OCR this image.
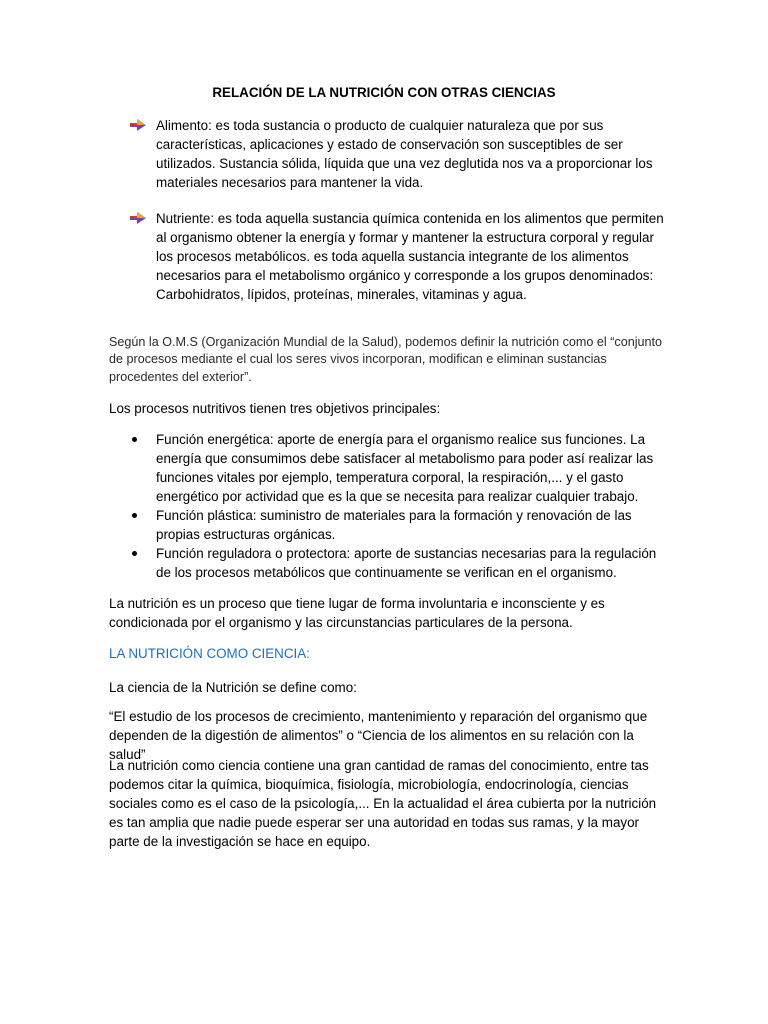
RELACIÓN DE LA NUTRICIÓN CON OTRAS CIENCIAS
Alimento: es toda sustancia o producto de cualquier naturaleza que por sus características, aplicaciones y estado de conservación son susceptibles de ser utilizados. Sustancia sólida, líquida que una vez deglutida nos va a proporcionar los materiales necesarios para mantener la vida.
Nutriente: es toda aquella sustancia química contenida en los alimentos que permiten al organismo obtener la energía y formar y mantener la estructura corporal y regular los procesos metabólicos. es toda aquella sustancia integrante de los alimentos necesarios para el metabolismo orgánico y corresponde a los grupos denominados: Carbohidratos, lípidos, proteínas, minerales, vitaminas y agua.
Según la O.M.S (Organización Mundial de la Salud), podemos definir la nutrición como el “conjunto de procesos mediante el cual los seres vivos incorporan, modifican e eliminan sustancias procedentes del exterior”.
Los procesos nutritivos tienen tres objetivos principales:
Función energética: aporte de energía para el organismo realice sus funciones. La energía que consumimos debe satisfacer al metabolismo para poder así realizar las funciones vitales por ejemplo, temperatura corporal, la respiración,... y el gasto energético por actividad que es la que se necesita para realizar cualquier trabajo.
Función plástica: suministro de materiales para la formación y renovación de las propias estructuras orgánicas.
Función reguladora o protectora: aporte de sustancias necesarias para la regulación de los procesos metabólicos que continuamente se verifican en el organismo.
La nutrición es un proceso que tiene lugar de forma involuntaria e inconsciente y es condicionada por el organismo y las circunstancias particulares de la persona.
LA NUTRICIÓN COMO CIENCIA:
La ciencia de la Nutrición se define como:
“El estudio de los procesos de crecimiento, mantenimiento y reparación del organismo que dependen de la digestión de alimentos” o “Ciencia de los alimentos en su relación con la salud”
La nutrición como ciencia contiene una gran cantidad de ramas del conocimiento, entre tas podemos citar la química, bioquímica, fisiología, microbiología, endocrinología, ciencias sociales como es el caso de la psicología,... En la actualidad el área cubierta por la nutrición es tan amplia que nadie puede esperar ser una autoridad en todas sus ramas, y la mayor parte de la investigación se hace en equipo.
